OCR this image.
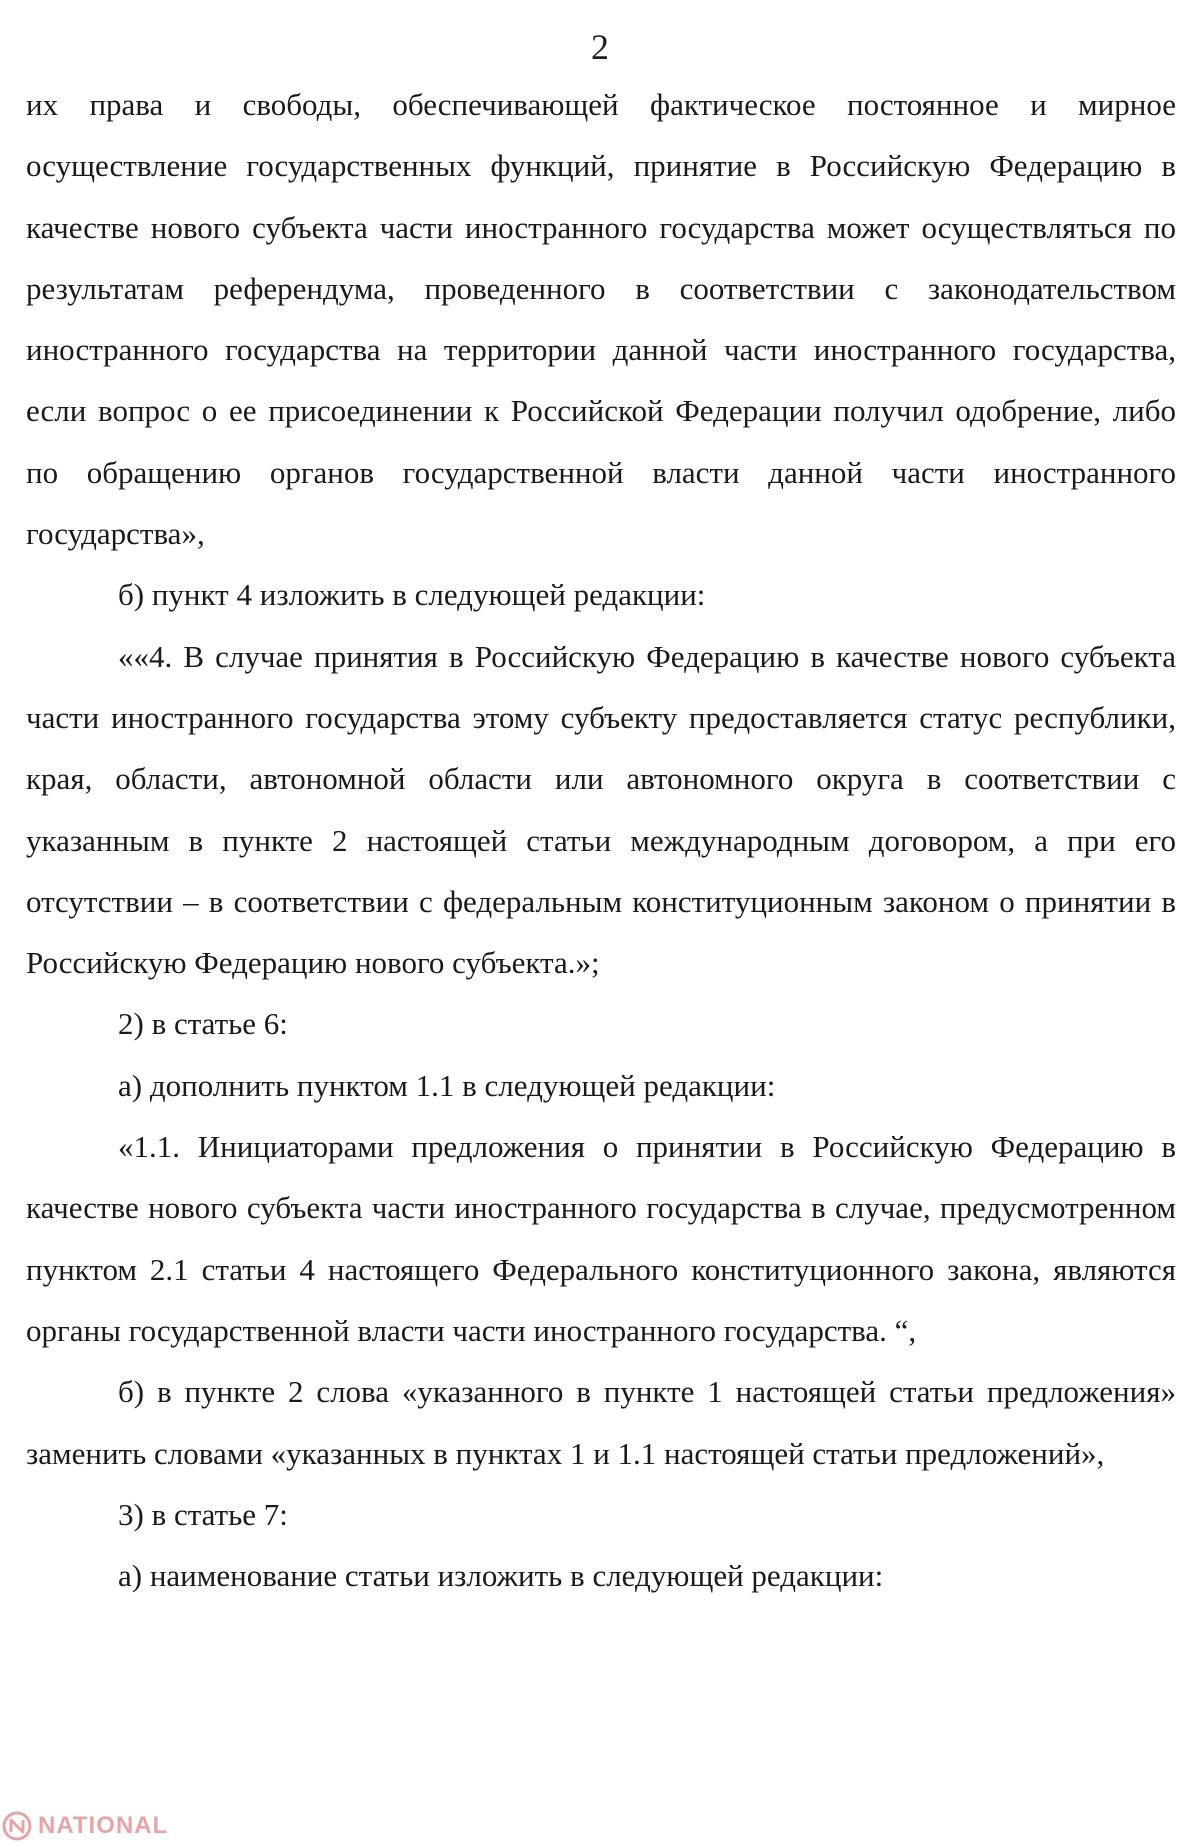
2

их права и свободы, обеспечивающей фактическое постоянное и мирное осуществление государственных функций, принятие в Российскую Федерацию в качестве нового субъекта части иностранного государства может осуществляться по результатам референдума, проведенного в соответствии с законодательством иностранного государства на территории данной части иностранного государства, если вопрос о ее присоединении к Российской Федерации получил одобрение, либо по обращению органов государственной власти данной части иностранного государства»,

б) пункт 4 изложить в следующей редакции:

««4. В случае принятия в Российскую Федерацию в качестве нового субъекта части иностранного государства этому субъекту предоставляется статус республики, края, области, автономной области или автономного округа в соответствии с указанным в пункте 2 настоящей статьи международным договором, а при его отсутствии – в соответствии с федеральным конституционным законом о принятии в Российскую Федерацию нового субъекта.»;

2) в статье 6:

а) дополнить пунктом 1.1 в следующей редакции:

«1.1. Инициаторами предложения о принятии в Российскую Федерацию в качестве нового субъекта части иностранного государства в случае, предусмотренном пунктом 2.1 статьи 4 настоящего Федерального конституционного закона, являются органы государственной власти части иностранного государства. “,

б) в пункте 2 слова «указанного в пункте 1 настоящей статьи предложения» заменить словами «указанных в пунктах 1 и 1.1 настоящей статьи предложений»,

3) в статье 7:

а) наименование статьи изложить в следующей редакции:

NATIONAL
